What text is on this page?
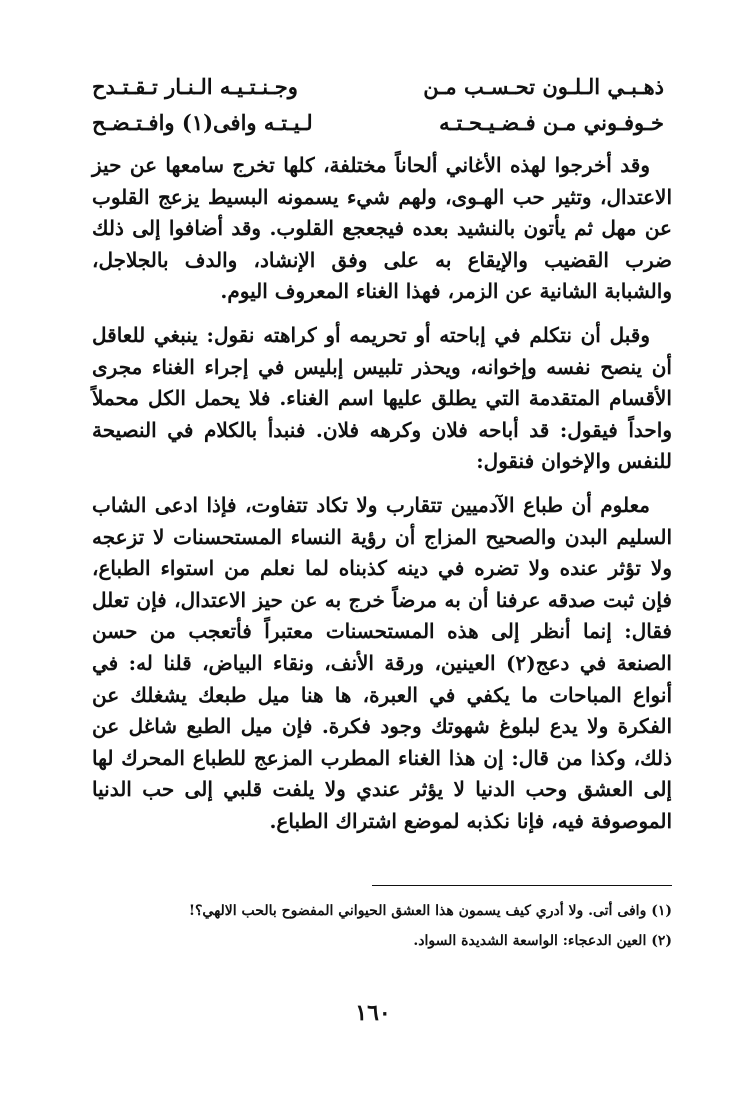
ذهـبـي الـلـون تحـسـب مـن
وجـنـتـيـه الـنـار تـقـتـدح
خـوفـوني مـن فـضـيـحـتـه
لـيـتـه وافى(١) وافـتـضـح

وقد أخرجوا لهذه الأغاني ألحاناً مختلفة، كلها تخرج سامعها عن حيز الاعتدال، وتثير حب الهـوى، ولهم شيء يسمونه البسيط يزعج القلوب عن مهل ثم يأتون بالنشيد بعده فيجعجع القلوب. وقد أضافوا إلى ذلك ضرب القضيب والإيقاع به على وفق الإنشاد، والدف بالجلاجل، والشبابة الشانية عن الزمر، فهذا الغناء المعروف اليوم.

وقبل أن نتكلم في إباحته أو تحريمه أو كراهته نقول: ينبغي للعاقل أن ينصح نفسه وإخوانه، ويحذر تلبيس إبليس في إجراء الغناء مجرى الأقسام المتقدمة التي يطلق عليها اسم الغناء. فلا يحمل الكل محملاً واحداً فيقول: قد أباحه فلان وكرهه فلان. فنبدأ بالكلام في النصيحة للنفس والإخوان فنقول:

معلوم أن طباع الآدميين تتقارب ولا تكاد تتفاوت، فإذا ادعى الشاب السليم البدن والصحيح المزاج أن رؤية النساء المستحسنات لا تزعجه ولا تؤثر عنده ولا تضره في دينه كذبناه لما نعلم من استواء الطباع، فإن ثبت صدقه عرفنا أن به مرضاً خرج به عن حيز الاعتدال، فإن تعلل فقال: إنما أنظر إلى هذه المستحسنات معتبراً فأتعجب من حسن الصنعة في دعج(٢) العينين، ورقة الأنف، ونقاء البياض، قلنا له: في أنواع المباحات ما يكفي في العبرة، ها هنا ميل طبعك يشغلك عن الفكرة ولا يدع لبلوغ شهوتك وجود فكرة. فإن ميل الطبع شاغل عن ذلك، وكذا من قال: إن هذا الغناء المطرب المزعج للطباع المحرك لها إلى العشق وحب الدنيا لا يؤثر عندي ولا يلفت قلبي إلى حب الدنيا الموصوفة فيه، فإنا نكذبه لموضع اشتراك الطباع.

(١) وافى أتى. ولا أدري كيف يسمون هذا العشق الحيواني المفضوح بالحب الالهي؟!

(٢) العين الدعجاء: الواسعة الشديدة السواد.

١٦٠
